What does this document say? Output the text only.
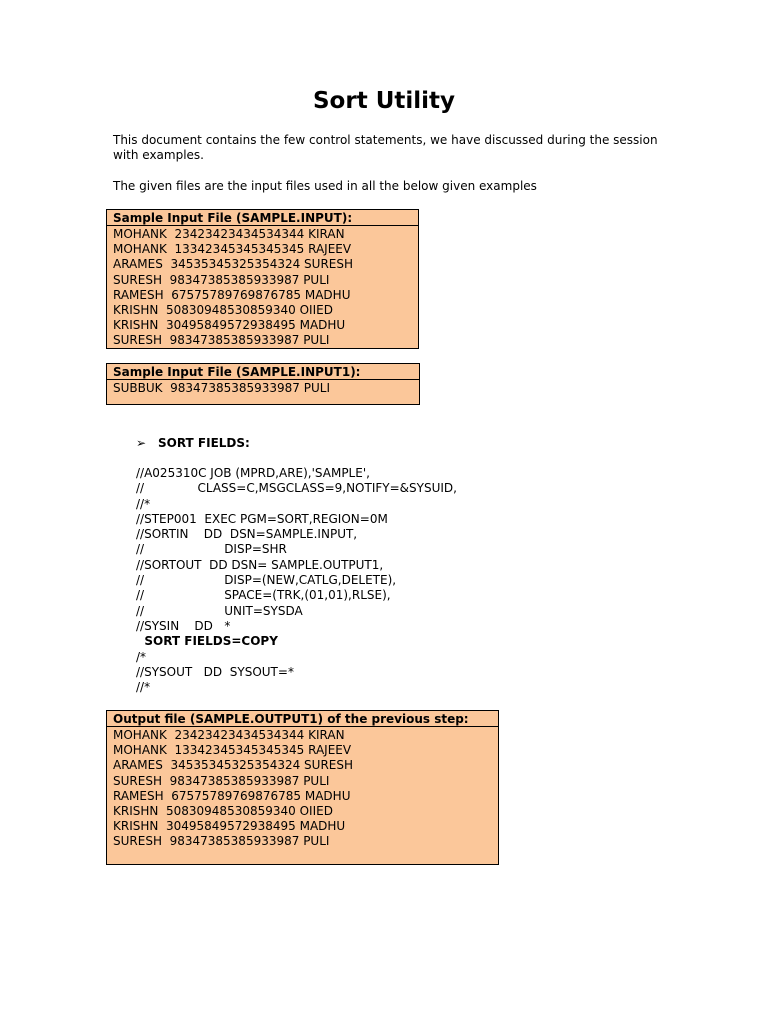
Sort Utility

This document contains the few control statements, we have discussed during the session with examples.

The given files are the input files used in all the below given examples

Sample Input File (SAMPLE.INPUT):
MOHANK  23423423434534344 KIRAN
MOHANK  13342345345345345 RAJEEV
ARAMES  34535345325354324 SURESH
SURESH  98347385385933987 PULI
RAMESH  67575789769876785 MADHU
KRISHN  50830948530859340 OIIED
KRISHN  30495849572938495 MADHU
SURESH  98347385385933987 PULI
Sample Input File (SAMPLE.INPUT1):
SUBBUK  98347385385933987 PULI
➢ SORT FIELDS:
//A025310C JOB (MPRD,ARE),'SAMPLE',
//              CLASS=C,MSGCLASS=9,NOTIFY=&SYSUID,
//*
//STEP001  EXEC PGM=SORT,REGION=0M
//SORTIN    DD  DSN=SAMPLE.INPUT,
//                     DISP=SHR
//SORTOUT  DD DSN= SAMPLE.OUTPUT1,
//                     DISP=(NEW,CATLG,DELETE),
//                     SPACE=(TRK,(01,01),RLSE),
//                     UNIT=SYSDA
//SYSIN    DD   *
SORT FIELDS=COPY
/*
//SYSOUT   DD  SYSOUT=*
//*
Output file (SAMPLE.OUTPUT1) of the previous step:
MOHANK  23423423434534344 KIRAN
MOHANK  13342345345345345 RAJEEV
ARAMES  34535345325354324 SURESH
SURESH  98347385385933987 PULI
RAMESH  67575789769876785 MADHU
KRISHN  50830948530859340 OIIED
KRISHN  30495849572938495 MADHU
SURESH  98347385385933987 PULI
